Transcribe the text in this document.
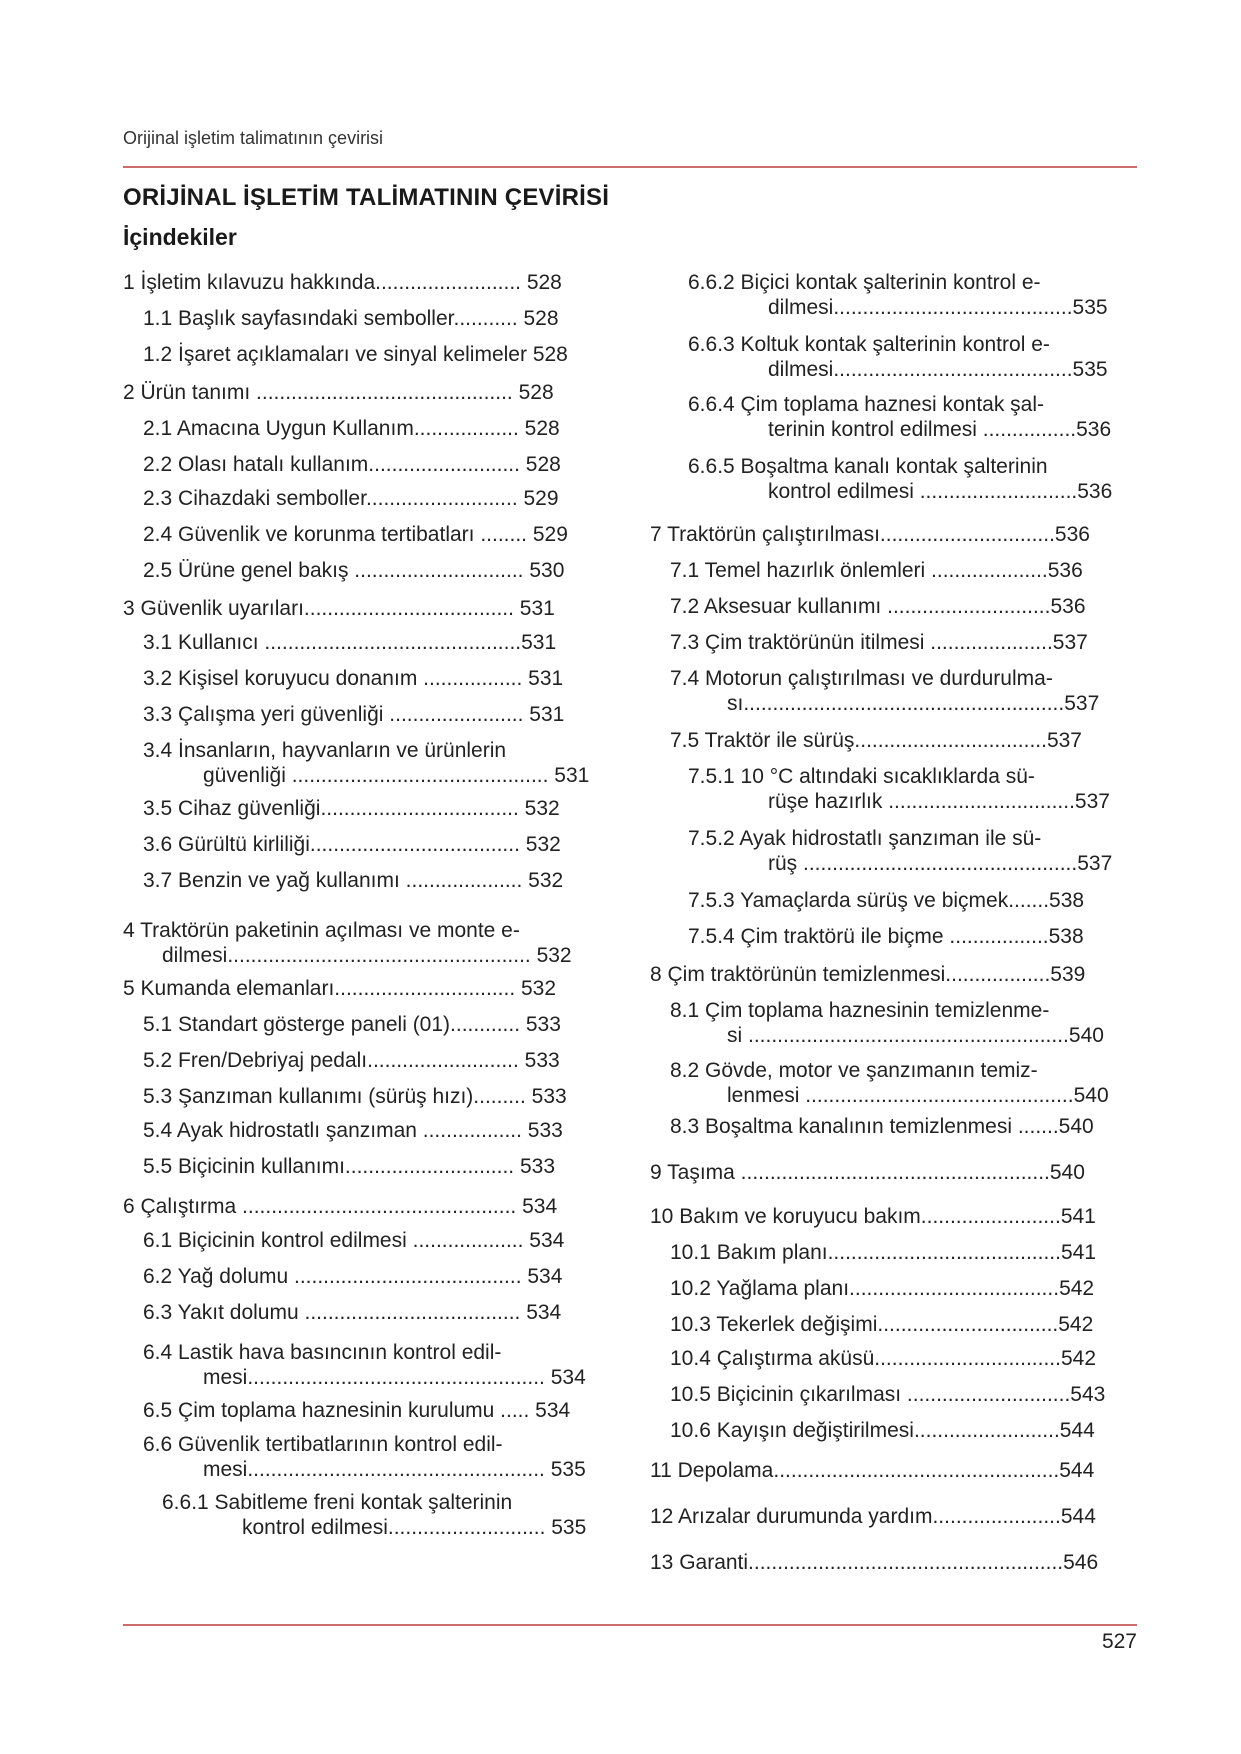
Orijinal işletim talimatının çevirisi
ORİJİNAL İŞLETİM TALİMATININ ÇEVİRİSİ
İçindekiler
1 İşletim kılavuzu hakkında......................... 528
1.1 Başlık sayfasındaki semboller........... 528
1.2 İşaret açıklamaları ve sinyal kelimeler 528
2 Ürün tanımı ............................................ 528
2.1 Amacına Uygun Kullanım.................. 528
2.2 Olası hatalı kullanım.......................... 528
2.3 Cihazdaki semboller.......................... 529
2.4 Güvenlik ve korunma tertibatları ........ 529
2.5 Ürüne genel bakış ............................. 530
3 Güvenlik uyarıları.................................... 531
3.1 Kullanıcı ............................................531
3.2 Kişisel koruyucu donanım ................. 531
3.3 Çalışma yeri güvenliği ....................... 531
3.4 İnsanların, hayvanların ve ürünlerin
güvenliği ............................................ 531
3.5 Cihaz güvenliği.................................. 532
3.6 Gürültü kirliliği.................................... 532
3.7 Benzin ve yağ kullanımı .................... 532
4 Traktörün paketinin açılması ve monte e-
dilmesi.................................................... 532
5 Kumanda elemanları............................... 532
5.1 Standart gösterge paneli (01)............ 533
5.2 Fren/Debriyaj pedalı.......................... 533
5.3 Şanzıman kullanımı (sürüş hızı)......... 533
5.4 Ayak hidrostatlı şanzıman ................. 533
5.5 Biçicinin kullanımı............................. 533
6 Çalıştırma ............................................... 534
6.1 Biçicinin kontrol edilmesi ................... 534
6.2 Yağ dolumu ....................................... 534
6.3 Yakıt dolumu ..................................... 534
6.4 Lastik hava basıncının kontrol edil-
mesi................................................... 534
6.5 Çim toplama haznesinin kurulumu ..... 534
6.6 Güvenlik tertibatlarının kontrol edil-
mesi................................................... 535
6.6.1 Sabitleme freni kontak şalterinin
kontrol edilmesi........................... 535
6.6.2 Biçici kontak şalterinin kontrol e-
dilmesi.........................................535
6.6.3 Koltuk kontak şalterinin kontrol e-
dilmesi.........................................535
6.6.4 Çim toplama haznesi kontak şal-
terinin kontrol edilmesi ................536
6.6.5 Boşaltma kanalı kontak şalterinin
kontrol edilmesi ...........................536
7 Traktörün çalıştırılması..............................536
7.1 Temel hazırlık önlemleri ....................536
7.2 Aksesuar kullanımı ............................536
7.3 Çim traktörünün itilmesi .....................537
7.4 Motorun çalıştırılması ve durdurulma-
sı.......................................................537
7.5 Traktör ile sürüş.................................537
7.5.1 10 °C altındaki sıcaklıklarda sü-
rüşe hazırlık ................................537
7.5.2 Ayak hidrostatlı şanzıman ile sü-
rüş ...............................................537
7.5.3 Yamaçlarda sürüş ve biçmek.......538
7.5.4 Çim traktörü ile biçme .................538
8 Çim traktörünün temizlenmesi..................539
8.1 Çim toplama haznesinin temizlenme-
si .......................................................540
8.2 Gövde, motor ve şanzımanın temiz-
lenmesi ..............................................540
8.3 Boşaltma kanalının temizlenmesi .......540
9 Taşıma .....................................................540
10 Bakım ve koruyucu bakım........................541
10.1 Bakım planı........................................541
10.2 Yağlama planı....................................542
10.3 Tekerlek değişimi...............................542
10.4 Çalıştırma aküsü................................542
10.5 Biçicinin çıkarılması ............................543
10.6 Kayışın değiştirilmesi.........................544
11 Depolama.................................................544
12 Arızalar durumunda yardım......................544
13 Garanti......................................................546
527
